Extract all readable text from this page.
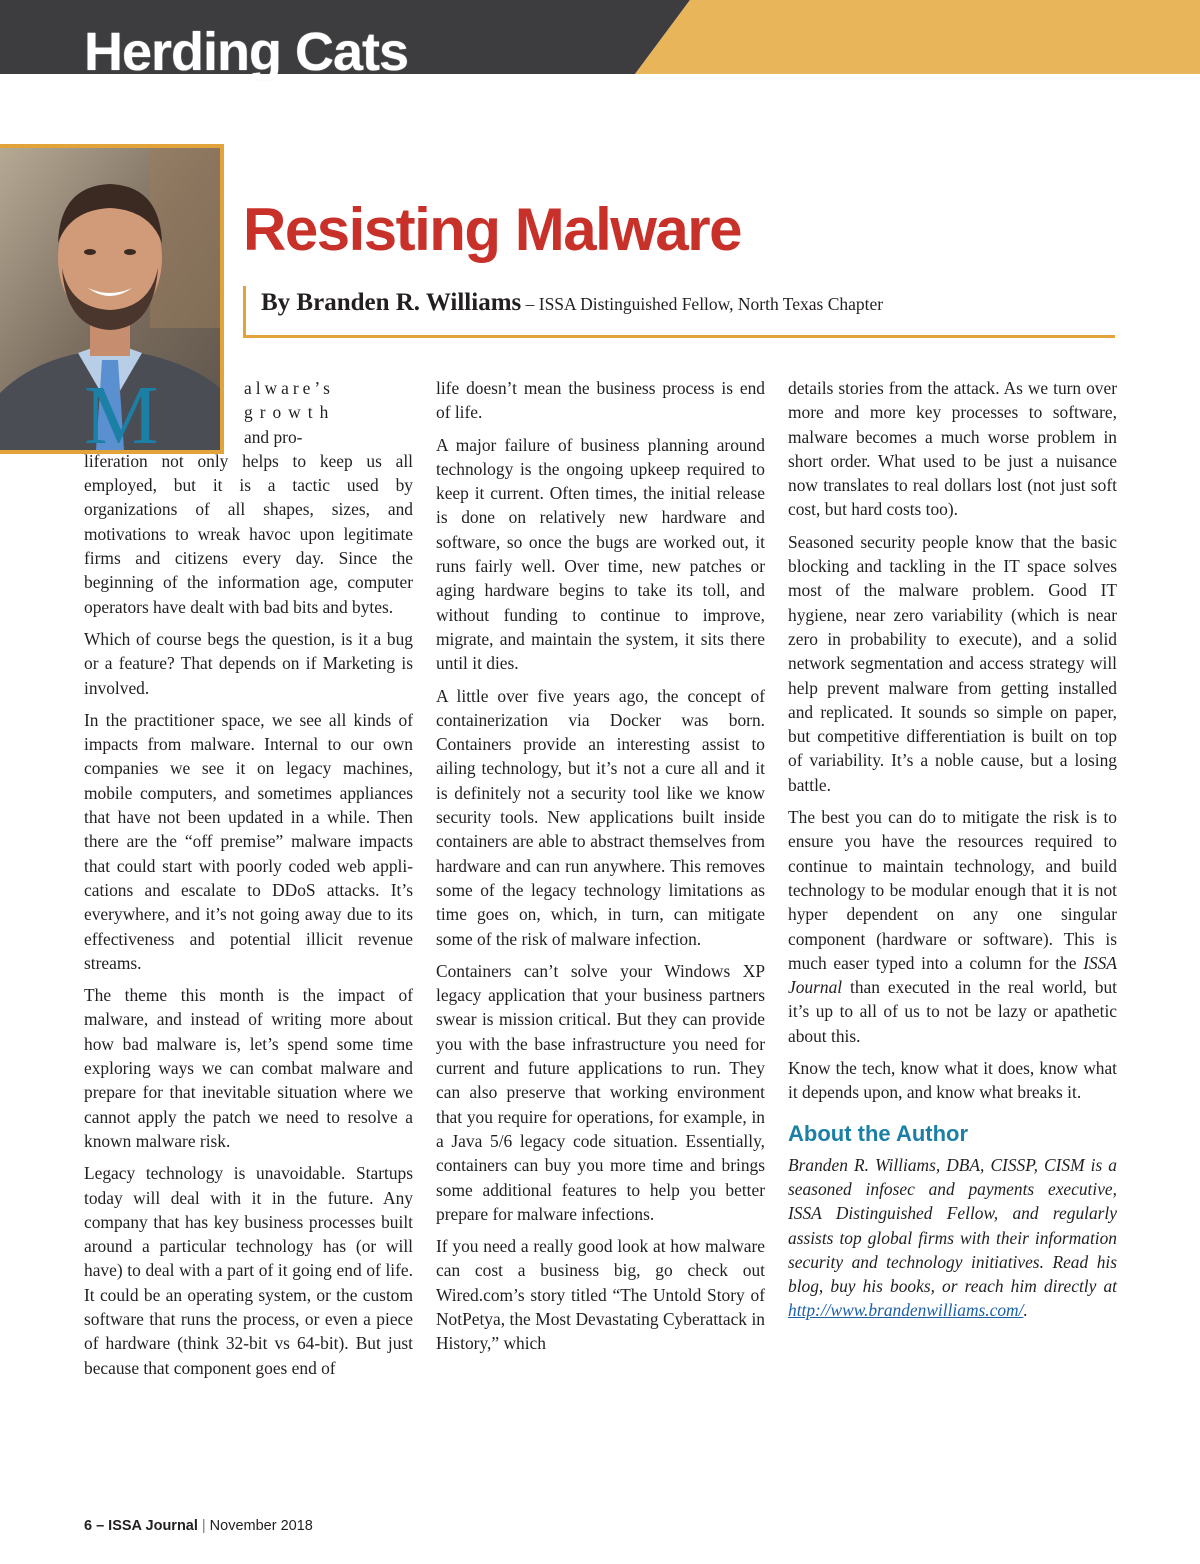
Herding Cats
Resisting Malware
By Branden R. Williams – ISSA Distinguished Fellow, North Texas Chapter

M	alware’s
growth
and pro-

liferation not only helps to keep us all employed, but it is a tactic used by organizations of all shapes, sizes, and motivations to wreak havoc upon legitimate firms and citizens every day. Since the beginning of the information age, computer operators have dealt with bad bits and bytes.

Which of course begs the question, is it a bug or a feature? That depends on if Marketing is involved.

In the practitioner space, we see all kinds of impacts from malware. Internal to our own companies we see it on legacy machines, mobile computers, and sometimes appliances that have not been updated in a while. Then there are the “off premise” malware impacts that could start with poorly coded web applications and escalate to DDoS attacks. It’s everywhere, and it’s not going away due to its effectiveness and potential illicit revenue streams.

The theme this month is the impact of malware, and instead of writing more about how bad malware is, let’s spend some time exploring ways we can combat malware and prepare for that inevitable situation where we cannot apply the patch we need to resolve a known malware risk.

Legacy technology is unavoidable. Startups today will deal with it in the future. Any company that has key business processes built around a particular technology has (or will have) to deal with a part of it going end of life. It could be an operating system, or the custom software that runs the process, or even a piece of hardware (think 32-bit vs 64-bit). But just because that component goes end of

life doesn’t mean the business process is end of life.

A major failure of business planning around technology is the ongoing upkeep required to keep it current. Often times, the initial release is done on relatively new hardware and software, so once the bugs are worked out, it runs fairly well. Over time, new patches or aging hardware begins to take its toll, and without funding to continue to improve, migrate, and maintain the system, it sits there until it dies.

A little over five years ago, the concept of containerization via Docker was born. Containers provide an interesting assist to ailing technology, but it’s not a cure all and it is definitely not a security tool like we know security tools. New applications built inside containers are able to abstract themselves from hardware and can run anywhere. This removes some of the legacy technology limitations as time goes on, which, in turn, can mitigate some of the risk of malware infection.

Containers can’t solve your Windows XP legacy application that your business partners swear is mission critical. But they can provide you with the base infrastructure you need for current and future applications to run. They can also preserve that working environment that you require for operations, for example, in a Java 5/6 legacy code situation. Essentially, containers can buy you more time and brings some additional features to help you better prepare for malware infections.

If you need a really good look at how malware can cost a business big, go check out Wired.com’s story titled “The Untold Story of NotPetya, the Most Devastating Cyberattack in History,” which

details stories from the attack. As we turn over more and more key processes to software, malware becomes a much worse problem in short order. What used to be just a nuisance now translates to real dollars lost (not just soft cost, but hard costs too).

Seasoned security people know that the basic blocking and tackling in the IT space solves most of the malware problem. Good IT hygiene, near zero variability (which is near zero in probability to execute), and a solid network segmentation and access strategy will help prevent malware from getting installed and replicated. It sounds so simple on paper, but competitive differentiation is built on top of variability. It’s a noble cause, but a losing battle.

The best you can do to mitigate the risk is to ensure you have the resources required to continue to maintain technology, and build technology to be modular enough that it is not hyper dependent on any one singular component (hardware or software). This is much easer typed into a column for the ISSA Journal than executed in the real world, but it’s up to all of us to not be lazy or apathetic about this.

Know the tech, know what it does, know what it depends upon, and know what breaks it.

About the Author

Branden R. Williams, DBA, CISSP, CISM is a seasoned infosec and payments executive, ISSA Distinguished Fellow, and regularly assists top global firms with their information security and technology initiatives. Read his blog, buy his books, or reach him directly at http://www.brandenwilliams.com/.

6 – ISSA Journal | November 2018
